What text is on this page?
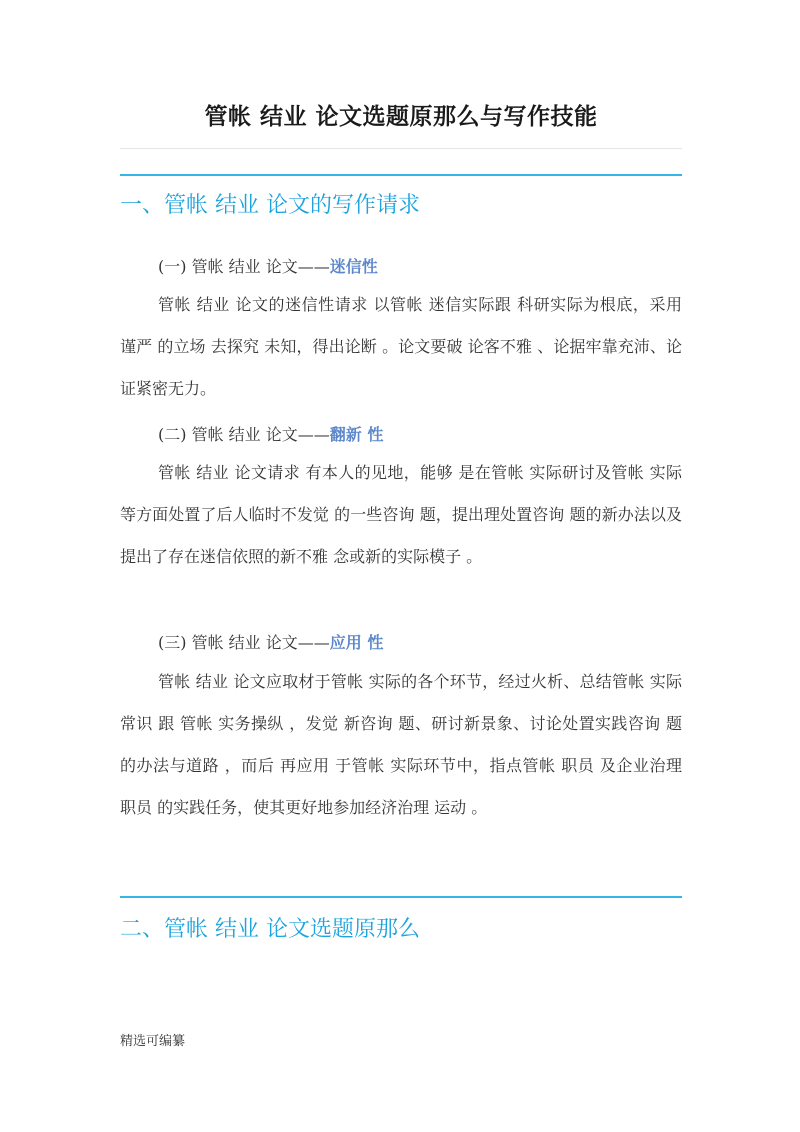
管帐 结业 论文选题原那么与写作技能
一、管帐 结业 论文的写作请求

(一) 管帐 结业 论文——迷信性

管帐 结业 论文的迷信性请求 以管帐 迷信实际跟 科研实际为根底，采用 谨严 的立场 去探究 未知，得出论断 。论文要破 论客不雅 、论据牢靠充沛、论证紧密无力。

(二) 管帐 结业 论文——翻新 性

管帐 结业 论文请求 有本人的见地，能够 是在管帐 实际研讨及管帐 实际等方面处置了后人临时不发觉 的一些咨询 题，提出理处置咨询 题的新办法以及提出了存在迷信依照的新不雅 念或新的实际模子 。

(三) 管帐 结业 论文——应用 性

管帐 结业 论文应取材于管帐 实际的各个环节，经过火析、总结管帐 实际常识 跟 管帐 实务操纵 ，发觉 新咨询 题、研讨新景象、讨论处置实践咨询 题的办法与道路 ，而后 再应用 于管帐 实际环节中，指点管帐 职员 及企业治理 职员 的实践任务，使其更好地参加经济治理 运动 。

二、管帐 结业 论文选题原那么

精选可编纂
